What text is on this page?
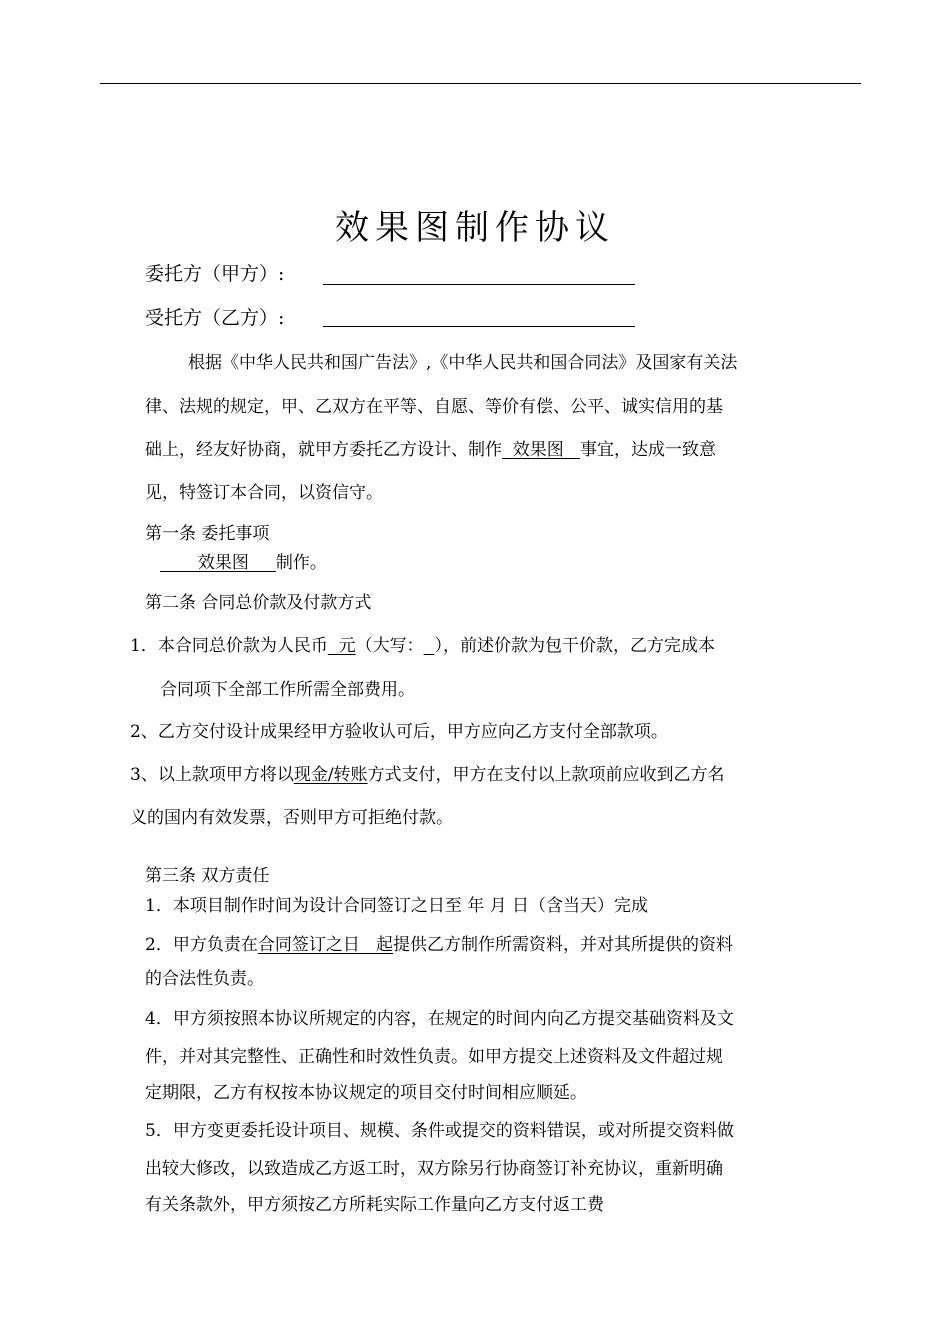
效果图制作协议
委托方（甲方）:
受托方（乙方）:
根据《中华人民共和国广告法》,《中华人民共和国合同法》及国家有关法
律、法规的规定，甲、乙双方在平等、自愿、等价有偿、公平、诚实信用的基
础上，经友好协商，就甲方委托乙方设计、制作  效果图   事宜，达成一致意
见，特签订本合同，以资信守。
第一条 委托事项
效果图     制作。
第二条 合同总价款及付款方式
1．本合同总价款为人民币  元（大写： ），前述价款为包干价款，乙方完成本
合同项下全部工作所需全部费用。
2、乙方交付设计成果经甲方验收认可后，甲方应向乙方支付全部款项。
3、以上款项甲方将以现金/转账方式支付，甲方在支付以上款项前应收到乙方名
义的国内有效发票，否则甲方可拒绝付款。
第三条 双方责任
1．本项目制作时间为设计合同签订之日至 年 月 日（含当天）完成
2．甲方负责在合同签订之日   起提供乙方制作所需资料，并对其所提供的资料
的合法性负责。
4．甲方须按照本协议所规定的内容，在规定的时间内向乙方提交基础资料及文
件，并对其完整性、正确性和时效性负责。如甲方提交上述资料及文件超过规
定期限，乙方有权按本协议规定的项目交付时间相应顺延。
5．甲方变更委托设计项目、规模、条件或提交的资料错误，或对所提交资料做
出较大修改，以致造成乙方返工时，双方除另行协商签订补充协议，重新明确
有关条款外，甲方须按乙方所耗实际工作量向乙方支付返工费
